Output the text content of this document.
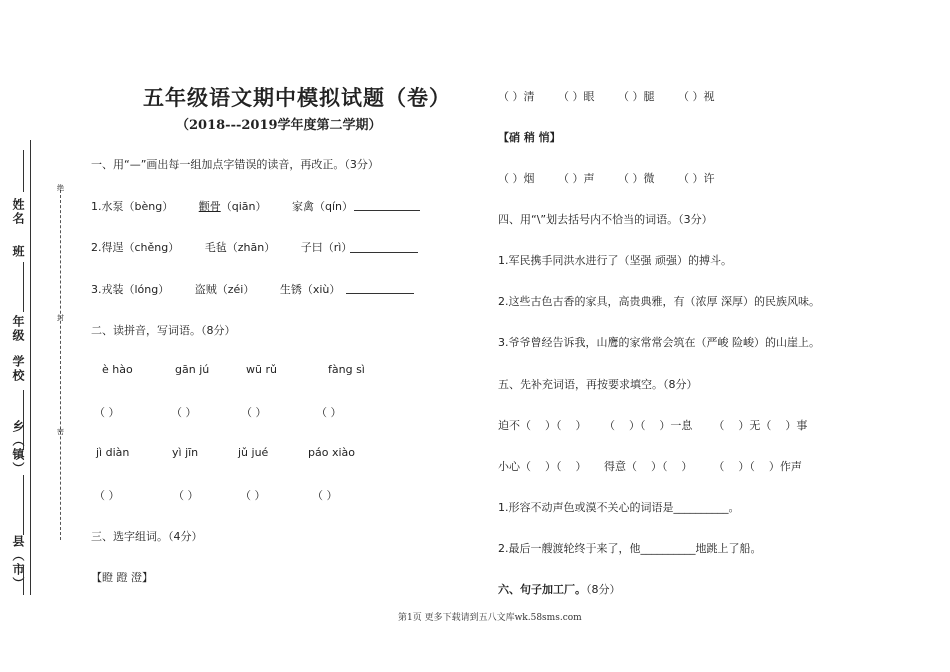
绝
封
密
姓名
班
年级
学校
乡（镇）
县（市）
五年级语文期中模拟试题（卷）
（2018---2019学年度第二学期）
一、用“—”画出每一组加点字错误的读音，再改正。（3分）
1.水泵（bèng） 颧骨（qiān） 家禽（qín）
2.得逞（chěng） 毛毡（zhān） 子曰（rì）
3.戎装（lóng） 盗贼（zéi） 生锈（xiù）
二、读拼音，写词语。（8分）
è hào	gān jú	wū rǔ	fàng sì
（ ）	（ ）	（ ）	（ ）
jì diàn	yì jīn	jǔ jué	páo xiào
（ ）	（ ）	（ ）	（ ）
三、选字组词。（4分）
【瞪 蹬 澄】
（ ）清 （ ）眼 （ ）腿 （ ）视
【硝 稍 悄】
（ ）烟 （ ）声 （ ）微 （ ）许
四、用“\”划去括号内不恰当的词语。（3分）
1.军民携手同洪水进行了（坚强 顽强）的搏斗。
2.这些古色古香的家具，高贵典雅，有（浓厚 深厚）的民族风味。
3.爷爷曾经告诉我，山鹰的家常常会筑在（严峻 险峻）的山崖上。
五、先补充词语，再按要求填空。（8分）
迫不（    ）（    ）     （    ）（    ）一息      （    ）无（    ）事
小心（    ）（    ）     得意（    ）（    ）      （    ）（    ）作声
1.形容不动声色或漠不关心的词语是__________。
2.最后一艘渡轮终于来了，他__________地跳上了船。
六、句子加工厂。（8分）
第1页 更多下载请到五八文库wk.58sms.com
